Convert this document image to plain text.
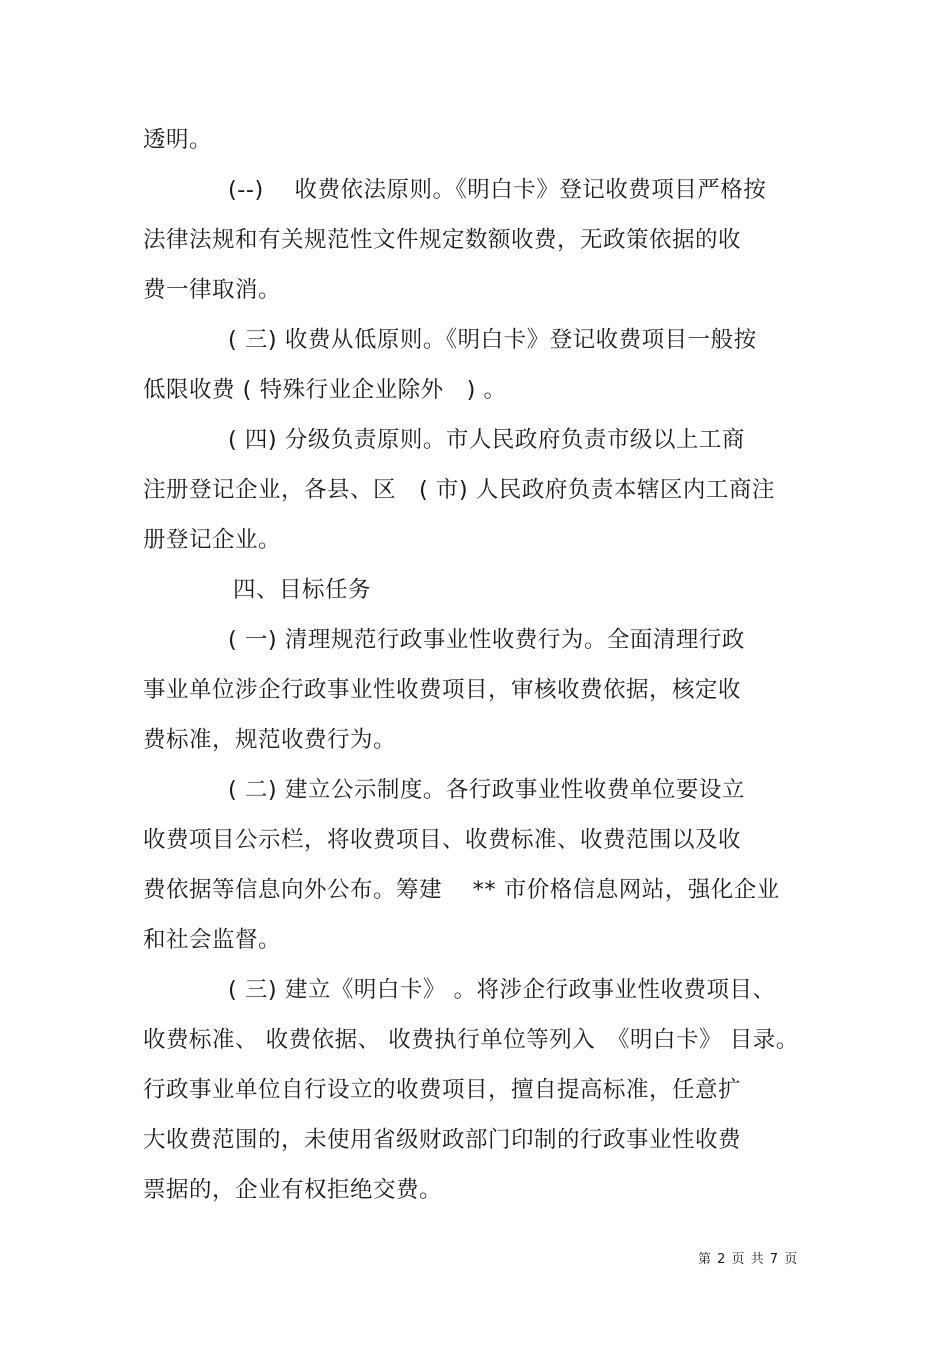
透明。
(--)　 收费依法原则。《明白卡》登记收费项目严格按
法律法规和有关规范性文件规定数额收费，无政策依据的收
费一律取消。
( 三) 收费从低原则。《明白卡》登记收费项目一般按
低限收费 ( 特殊行业企业除外　) 。
( 四) 分级负责原则。市人民政府负责市级以上工商
注册登记企业，各县、区　( 市) 人民政府负责本辖区内工商注
册登记企业。
四、目标任务
( 一) 清理规范行政事业性收费行为。全面清理行政
事业单位涉企行政事业性收费项目，审核收费依据，核定收
费标准，规范收费行为。
( 二) 建立公示制度。各行政事业性收费单位要设立
收费项目公示栏，将收费项目、收费标准、收费范围以及收
费依据等信息向外公布。筹建　 ** 市价格信息网站，强化企业
和社会监督。
( 三) 建立《明白卡》 。将涉企行政事业性收费项目、
收费标准、 收费依据、 收费执行单位等列入　《明白卡》 目录。
行政事业单位自行设立的收费项目，擅自提高标准，任意扩
大收费范围的，未使用省级财政部门印制的行政事业性收费
票据的，企业有权拒绝交费。
第 2 页 共 7 页
